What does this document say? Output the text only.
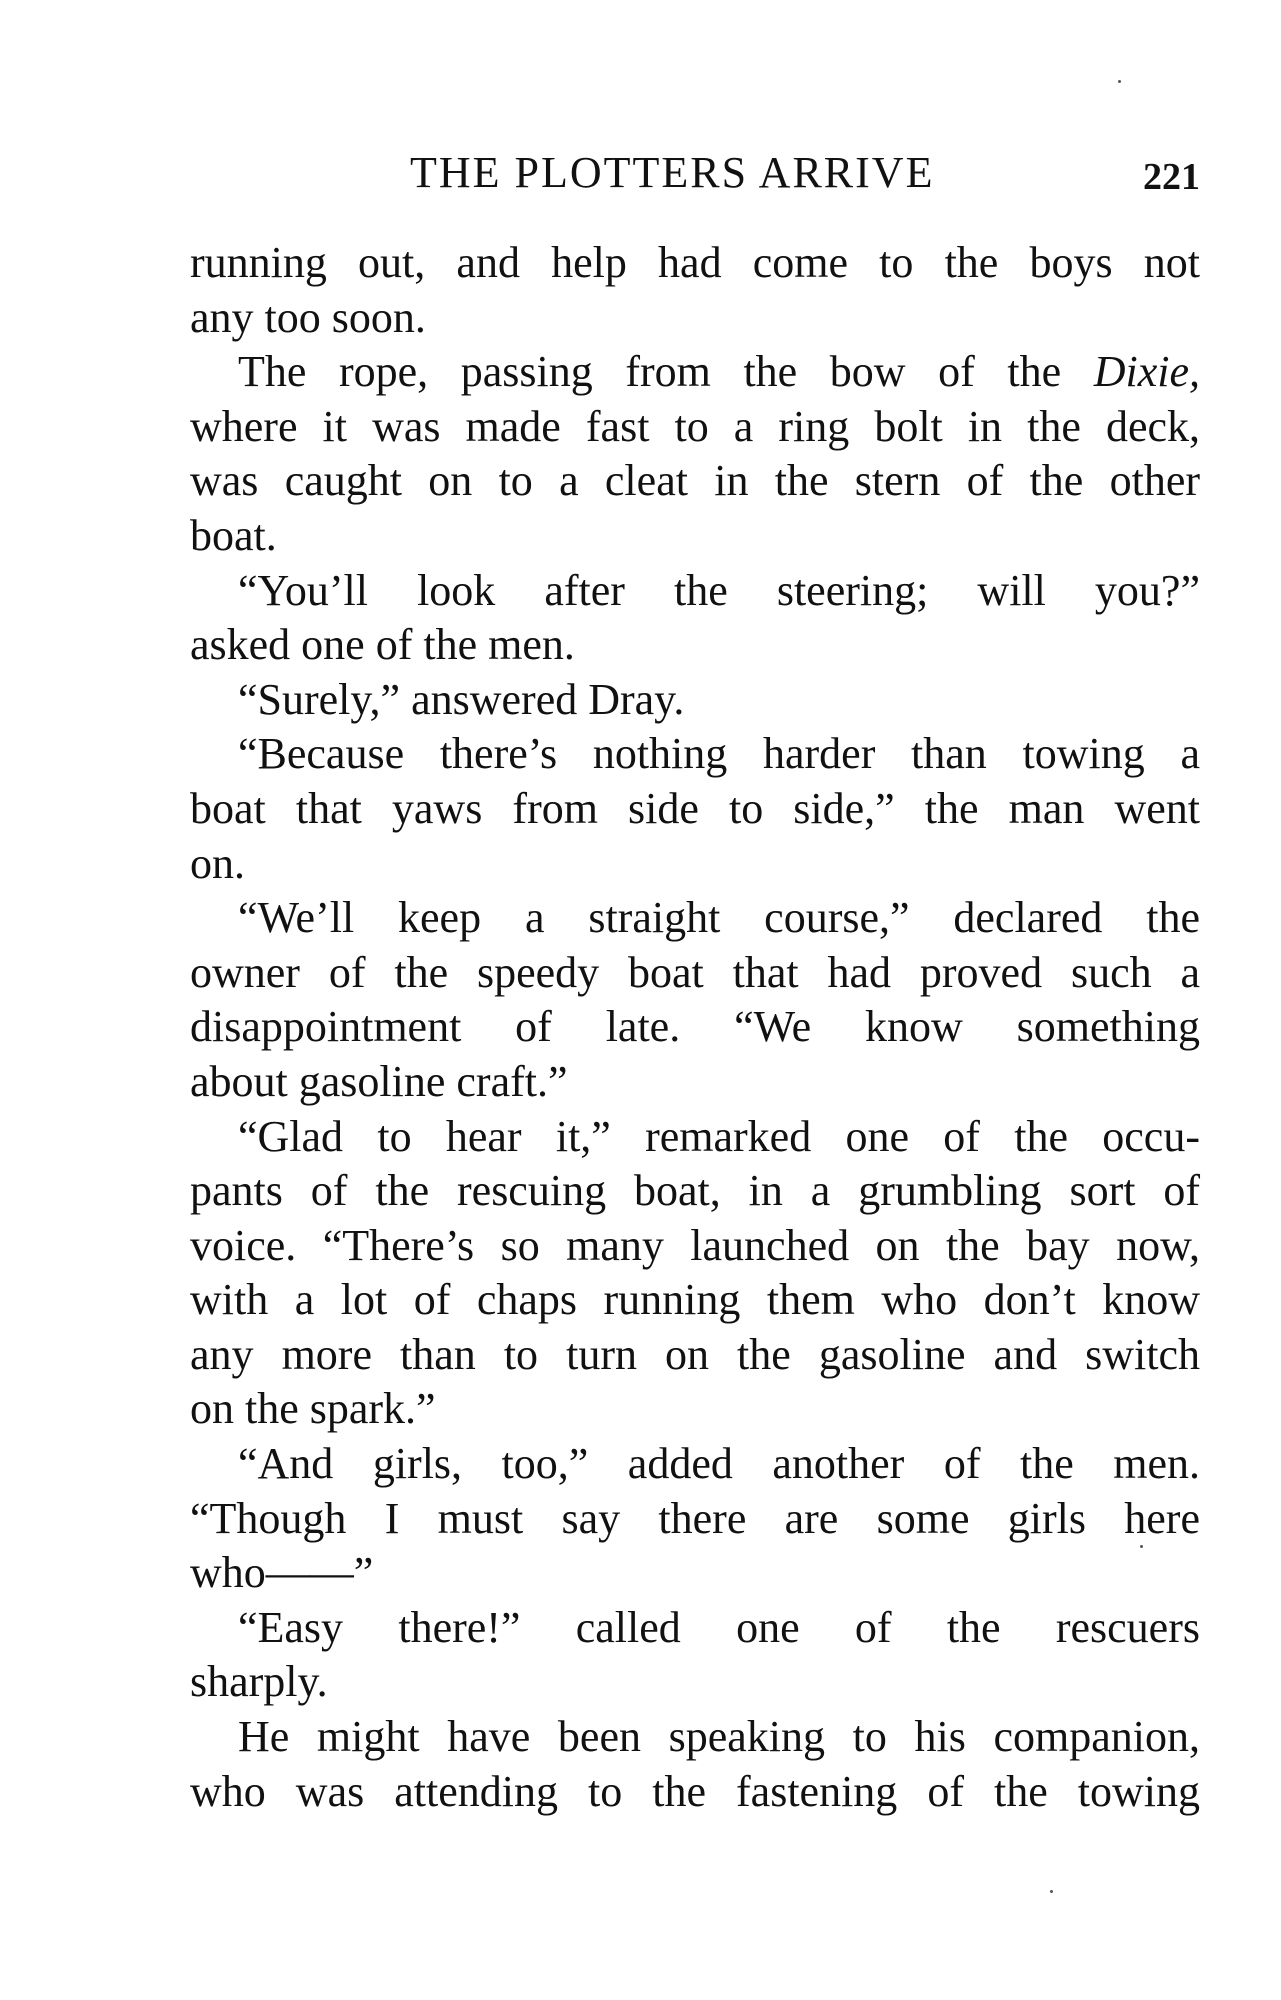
THE PLOTTERS ARRIVE	221
running out, and help had come to the boys not
any too soon.
The rope, passing from the bow of the Dixie,
where it was made fast to a ring bolt in the deck,
was caught on to a cleat in the stern of the other
boat.
“You’ll look after the steering; will you?”
asked one of the men.
“Surely,” answered Dray.
“Because there’s nothing harder than towing a
boat that yaws from side to side,” the man went
on.
“We’ll keep a straight course,” declared the
owner of the speedy boat that had proved such a
disappointment of late. “We know something
about gasoline craft.”
“Glad to hear it,” remarked one of the occu-
pants of the rescuing boat, in a grumbling sort of
voice. “There’s so many launched on the bay now,
with a lot of chaps running them who don’t know
any more than to turn on the gasoline and switch
on the spark.”
“And girls, too,” added another of the men.
“Though I must say there are some girls here
who——”
“Easy there!” called one of the rescuers
sharply.
He might have been speaking to his companion,
who was attending to the fastening of the towing
